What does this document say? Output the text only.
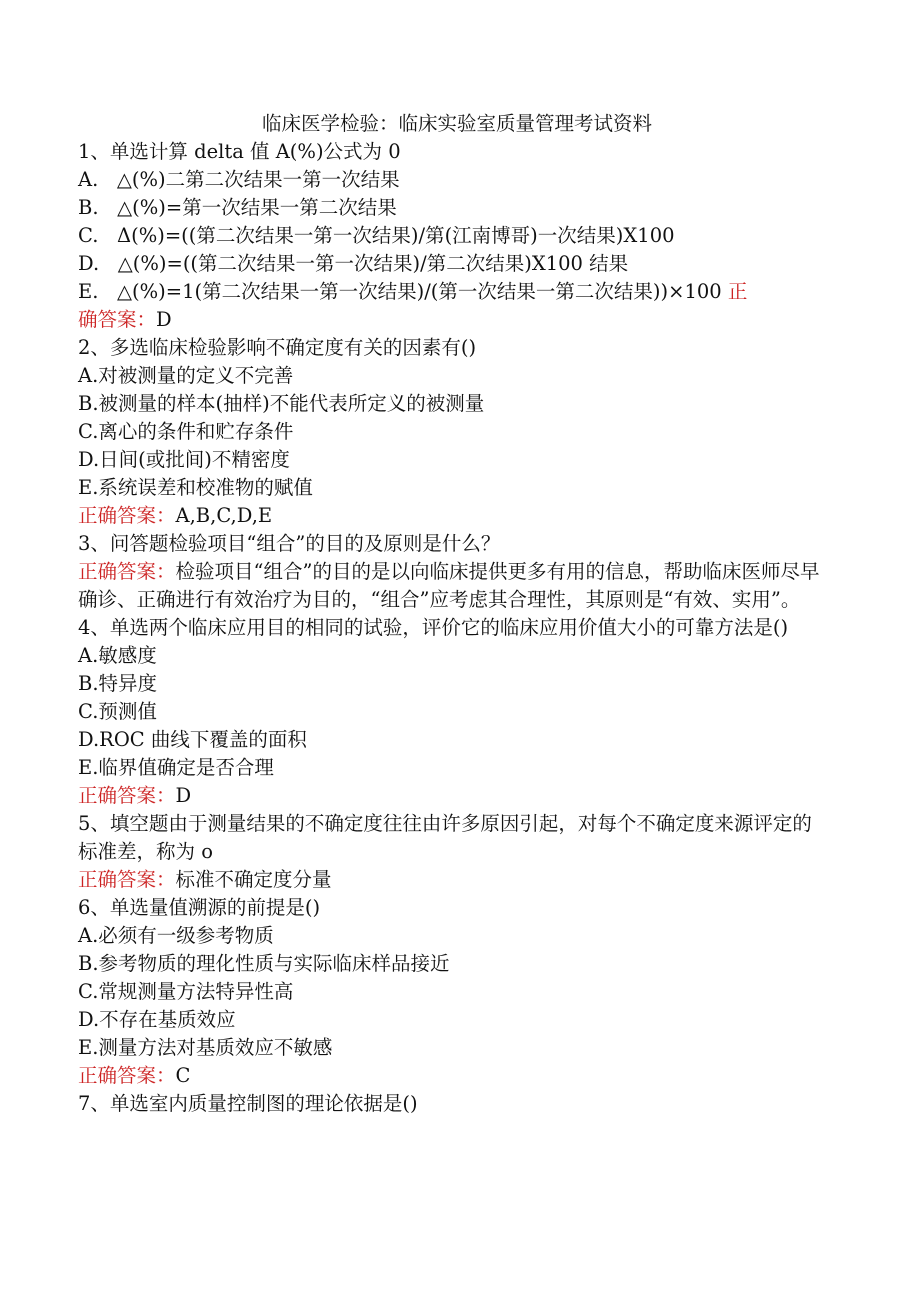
临床医学检验：临床实验室质量管理考试资料

1、单选计算 delta 值 A(%)公式为 0

A.   △(%)二第二次结果一第一次结果

B.   △(%)=第一次结果一第二次结果

C.   Δ(%)=((第二次结果一第一次结果)/第(江南博哥)一次结果)X100

D.   △(%)=((第二次结果一第一次结果)/第二次结果)X100 结果

E.   △(%)=1(第二次结果一第一次结果)/(第一次结果一第二次结果))×100 正

确答案：D

2、多选临床检验影响不确定度有关的因素有()

A.对被测量的定义不完善

B.被测量的样本(抽样)不能代表所定义的被测量

C.离心的条件和贮存条件

D.日间(或批间)不精密度

E.系统误差和校准物的赋值

正确答案：A,B,C,D,E

3、问答题检验项目“组合”的目的及原则是什么？

正确答案：检验项目“组合”的目的是以向临床提供更多有用的信息，帮助临床医师尽早确诊、正确进行有效治疗为目的，“组合”应考虑其合理性，其原则是“有效、实用”。

4、单选两个临床应用目的相同的试验，评价它的临床应用价值大小的可靠方法是()

A.敏感度

B.特异度

C.预测值

D.ROC 曲线下覆盖的面积

E.临界值确定是否合理

正确答案：D

5、填空题由于测量结果的不确定度往往由许多原因引起，对每个不确定度来源评定的标准差，称为 o

正确答案：标准不确定度分量

6、单选量值溯源的前提是()

A.必须有一级参考物质

B.参考物质的理化性质与实际临床样品接近

C.常规测量方法特异性高

D.不存在基质效应

E.测量方法对基质效应不敏感

正确答案：C

7、单选室内质量控制图的理论依据是()
